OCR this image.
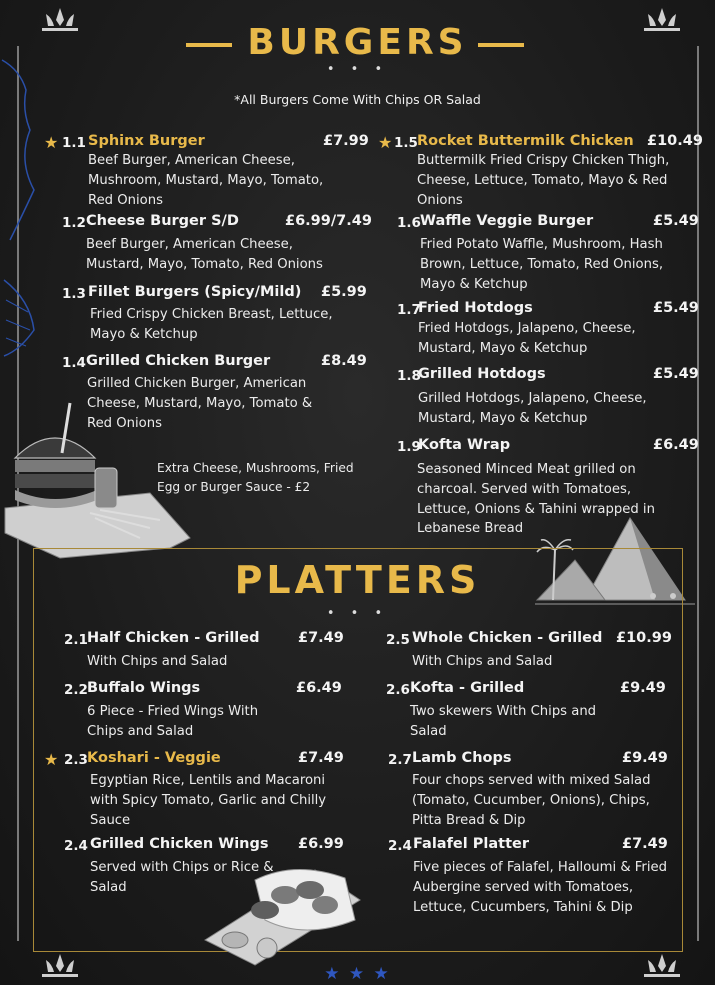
BURGERS
• • •
*All Burgers Come With Chips OR Salad
★ 1.1 Sphinx Burger	£7.99
Beef Burger, American Cheese, Mushroom, Mustard, Mayo, Tomato, Red Onions
1.2 Cheese Burger S/D	£6.99/7.49
Beef Burger, American Cheese, Mustard, Mayo, Tomato, Red Onions
1.3 Fillet Burgers (Spicy/Mild) £5.99
Fried Crispy Chicken Breast, Lettuce, Mayo & Ketchup
1.4 Grilled Chicken Burger	£8.49
Grilled Chicken Burger, American Cheese, Mustard, Mayo, Tomato & Red Onions
★ 1.5 Rocket Buttermilk Chicken £10.49
Buttermilk Fried Crispy Chicken Thigh, Cheese, Lettuce, Tomato, Mayo & Red Onions
1.6 Waffle Veggie Burger	£5.49
Fried Potato Waffle, Mushroom, Hash Brown, Lettuce, Tomato, Red Onions, Mayo & Ketchup
1.7
Fried Hotdogs	£5.49
Fried Hotdogs, Jalapeno, Cheese, Mustard, Mayo & Ketchup
1.8
Grilled Hotdogs	£5.49
Grilled Hotdogs, Jalapeno, Cheese, Mustard, Mayo & Ketchup
1.9
Kofta Wrap	£6.49
Seasoned Minced Meat grilled on charcoal. Served with Tomatoes, Lettuce, Onions & Tahini wrapped in Lebanese Bread
Extra Cheese, Mushrooms, Fried Egg or Burger Sauce - £2
PLATTERS
• • •
2.1 Half Chicken - Grilled	£7.49
With Chips and Salad
2.2 Buffalo Wings	£6.49
6 Piece - Fried Wings With Chips and Salad
★ 2.3 Koshari - Veggie	£7.49
Egyptian Rice, Lentils and Macaroni with Spicy Tomato, Garlic and Chilly Sauce
2.4 Grilled Chicken Wings £6.99
Served with Chips or Rice & Salad
2.5 Whole Chicken - Grilled £10.99
With Chips and Salad
2.6 Kofta - Grilled	£9.49
Two skewers With Chips and Salad
2.7 Lamb Chops	£9.49
Four chops served with mixed Salad (Tomato, Cucumber, Onions), Chips, Pitta Bread & Dip
2.4 Falafel Platter	£7.49
Five pieces of Falafel, Halloumi & Fried Aubergine served with Tomatoes, Lettuce, Cucumbers, Tahini & Dip
★ ★ ★
